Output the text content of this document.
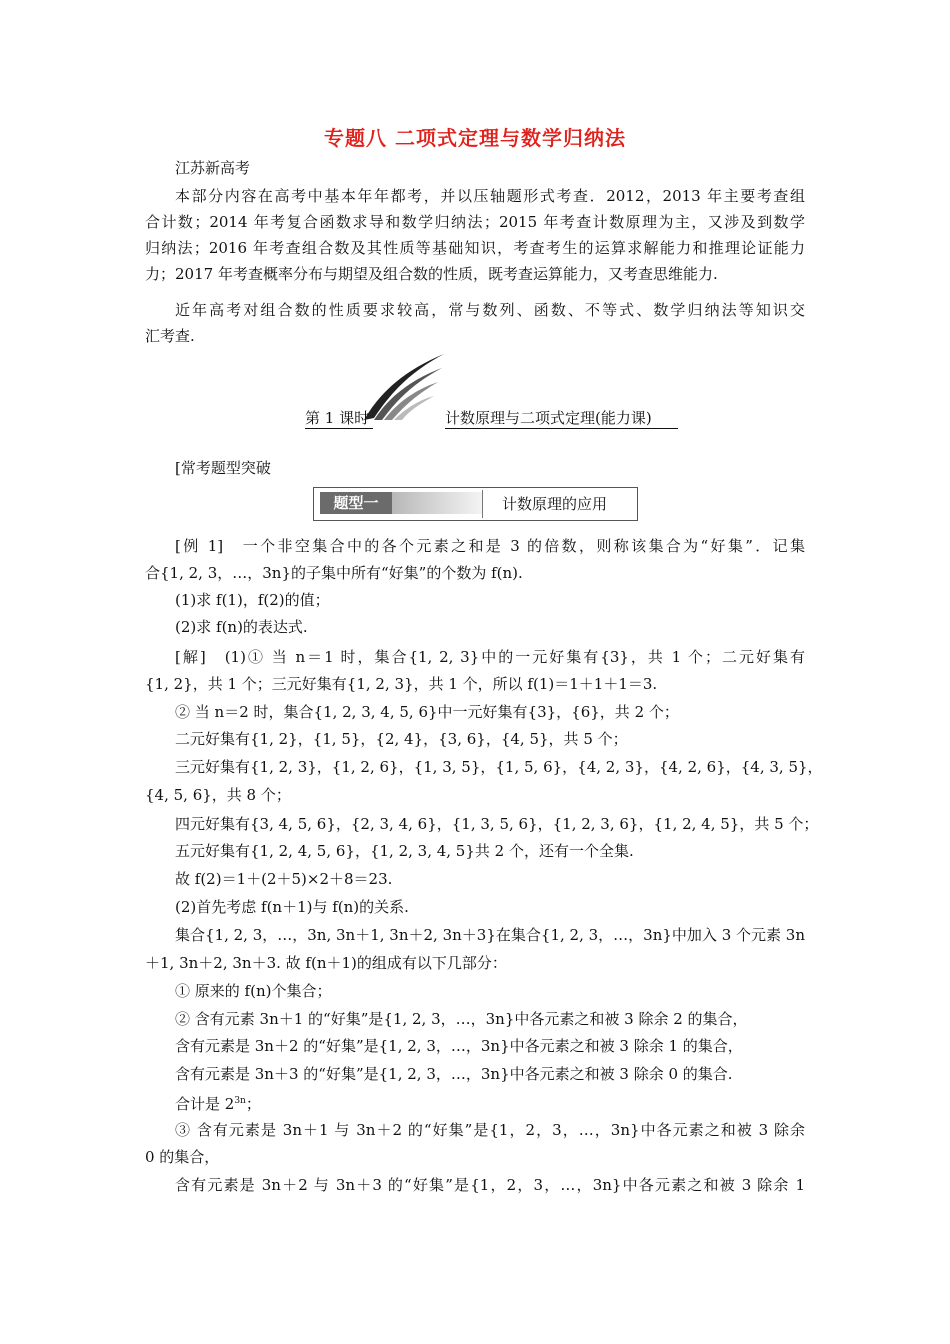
专题八 二项式定理与数学归纳法
江苏新高考
本部分内容在高考中基本年年都考，并以压轴题形式考查．2012，2013 年主要考查组
合计数；2014 年考复合函数求导和数学归纳法；2015 年考查计数原理为主，又涉及到数学
归纳法；2016 年考查组合数及其性质等基础知识，考查考生的运算求解能力和推理论证能力
力；2017 年考查概率分布与期望及组合数的性质，既考查运算能力，又考查思维能力.
近年高考对组合数的性质要求较高，常与数列、函数、不等式、数学归纳法等知识交
汇考查.
第 1 课时	计数原理与二项式定理(能力课)
[常考题型突破
题型一	计数原理的应用
[例 1]　一个非空集合中的各个元素之和是 3 的倍数，则称该集合为“好集”．记集
合{1, 2, 3，…，3n}的子集中所有“好集”的个数为 f(n).
(1)求 f(1)，f(2)的值；
(2)求 f(n)的表达式.
[解]　(1)① 当 n＝1 时，集合{1, 2, 3}中的一元好集有{3}，共 1 个；二元好集有
{1, 2}，共 1 个；三元好集有{1, 2, 3}，共 1 个，所以 f(1)＝1＋1＋1＝3.
② 当 n＝2 时，集合{1, 2, 3, 4, 5, 6}中一元好集有{3}，{6}，共 2 个；
二元好集有{1, 2}，{1, 5}，{2, 4}，{3, 6}，{4, 5}，共 5 个；
三元好集有{1, 2, 3}，{1, 2, 6}，{1, 3, 5}，{1, 5, 6}，{4, 2, 3}，{4, 2, 6}，{4, 3, 5}，
{4, 5, 6}，共 8 个；
四元好集有{3, 4, 5, 6}，{2, 3, 4, 6}，{1, 3, 5, 6}，{1, 2, 3, 6}，{1, 2, 4, 5}，共 5 个；
五元好集有{1, 2, 4, 5, 6}，{1, 2, 3, 4, 5}共 2 个，还有一个全集.
故 f(2)＝1＋(2＋5)×2＋8＝23.
(2)首先考虑 f(n＋1)与 f(n)的关系.
集合{1, 2, 3，…，3n, 3n＋1, 3n＋2, 3n＋3}在集合{1, 2, 3，…，3n}中加入 3 个元素 3n
＋1, 3n＋2, 3n＋3. 故 f(n＋1)的组成有以下几部分：
① 原来的 f(n)个集合；
② 含有元素 3n＋1 的“好集”是{1, 2, 3，…，3n}中各元素之和被 3 除余 2 的集合，
含有元素是 3n＋2 的“好集”是{1, 2, 3，…，3n}中各元素之和被 3 除余 1 的集合，
含有元素是 3n＋3 的“好集”是{1, 2, 3，…，3n}中各元素之和被 3 除余 0 的集合.
合计是 $2^{3n}$；
③ 含有元素是 3n＋1 与 3n＋2 的“好集”是{1，2，3，…，3n}中各元素之和被 3 除余
0 的集合，
含有元素是 3n＋2 与 3n＋3 的“好集”是{1，2，3，…，3n}中各元素之和被 3 除余 1
